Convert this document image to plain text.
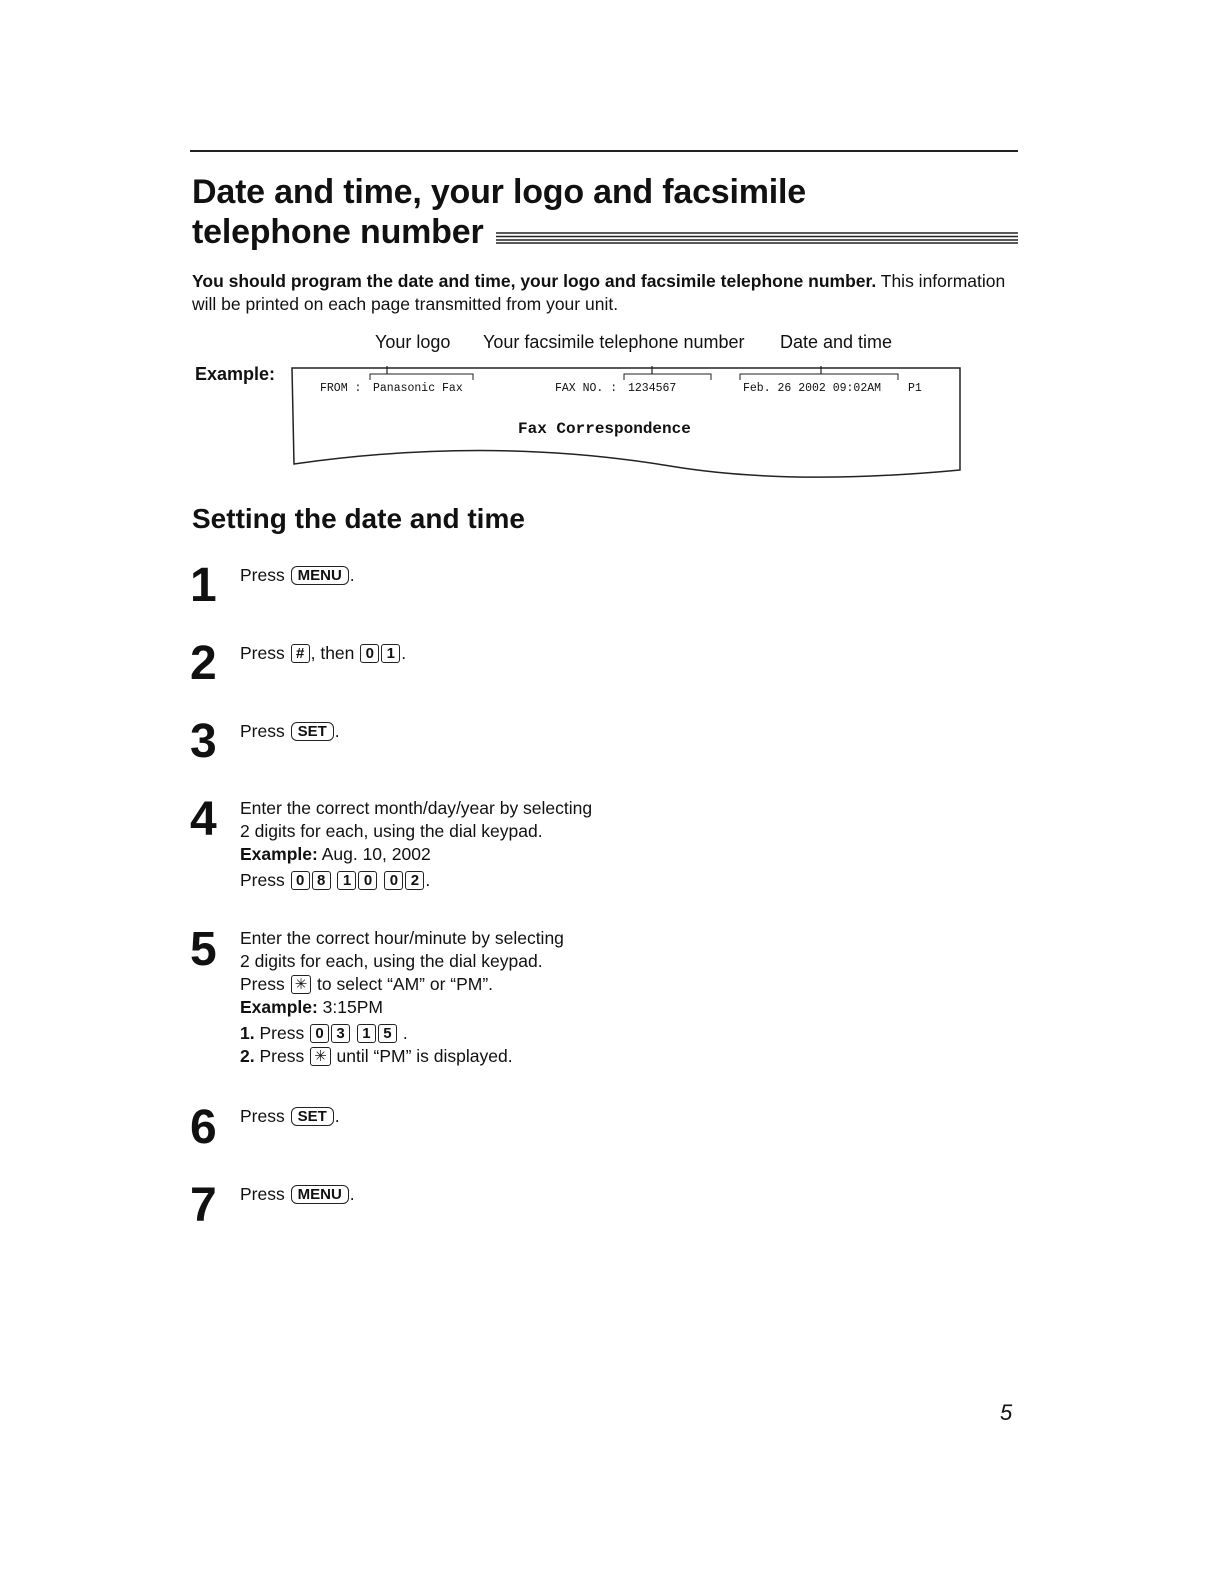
Date and time, your logo and facsimile
telephone number
You should program the date and time, your logo and facsimile telephone number. This information will be printed on each page transmitted from your unit.
Your logo Your facsimile telephone number Date and time
Example:
FROM : Panasonic Fax	FAX NO. : 1234567	Feb. 26 2002 09:02AM P1
Fax Correspondence
Setting the date and time
1 Press MENU .
2 Press # , then 0 1 .
3 Press SET .
4 Enter the correct month/day/year by selecting
2 digits for each, using the dial keypad.
Example: Aug. 10, 2002
Press 0 8 1 0 0 2 .
5 Enter the correct hour/minute by selecting
2 digits for each, using the dial keypad.
Press ✳ to select “AM” or “PM”.
Example: 3:15PM
1. Press 0 3 1 5 .
2. Press ✳ until “PM” is displayed.
6 Press SET .
7 Press MENU .
5
